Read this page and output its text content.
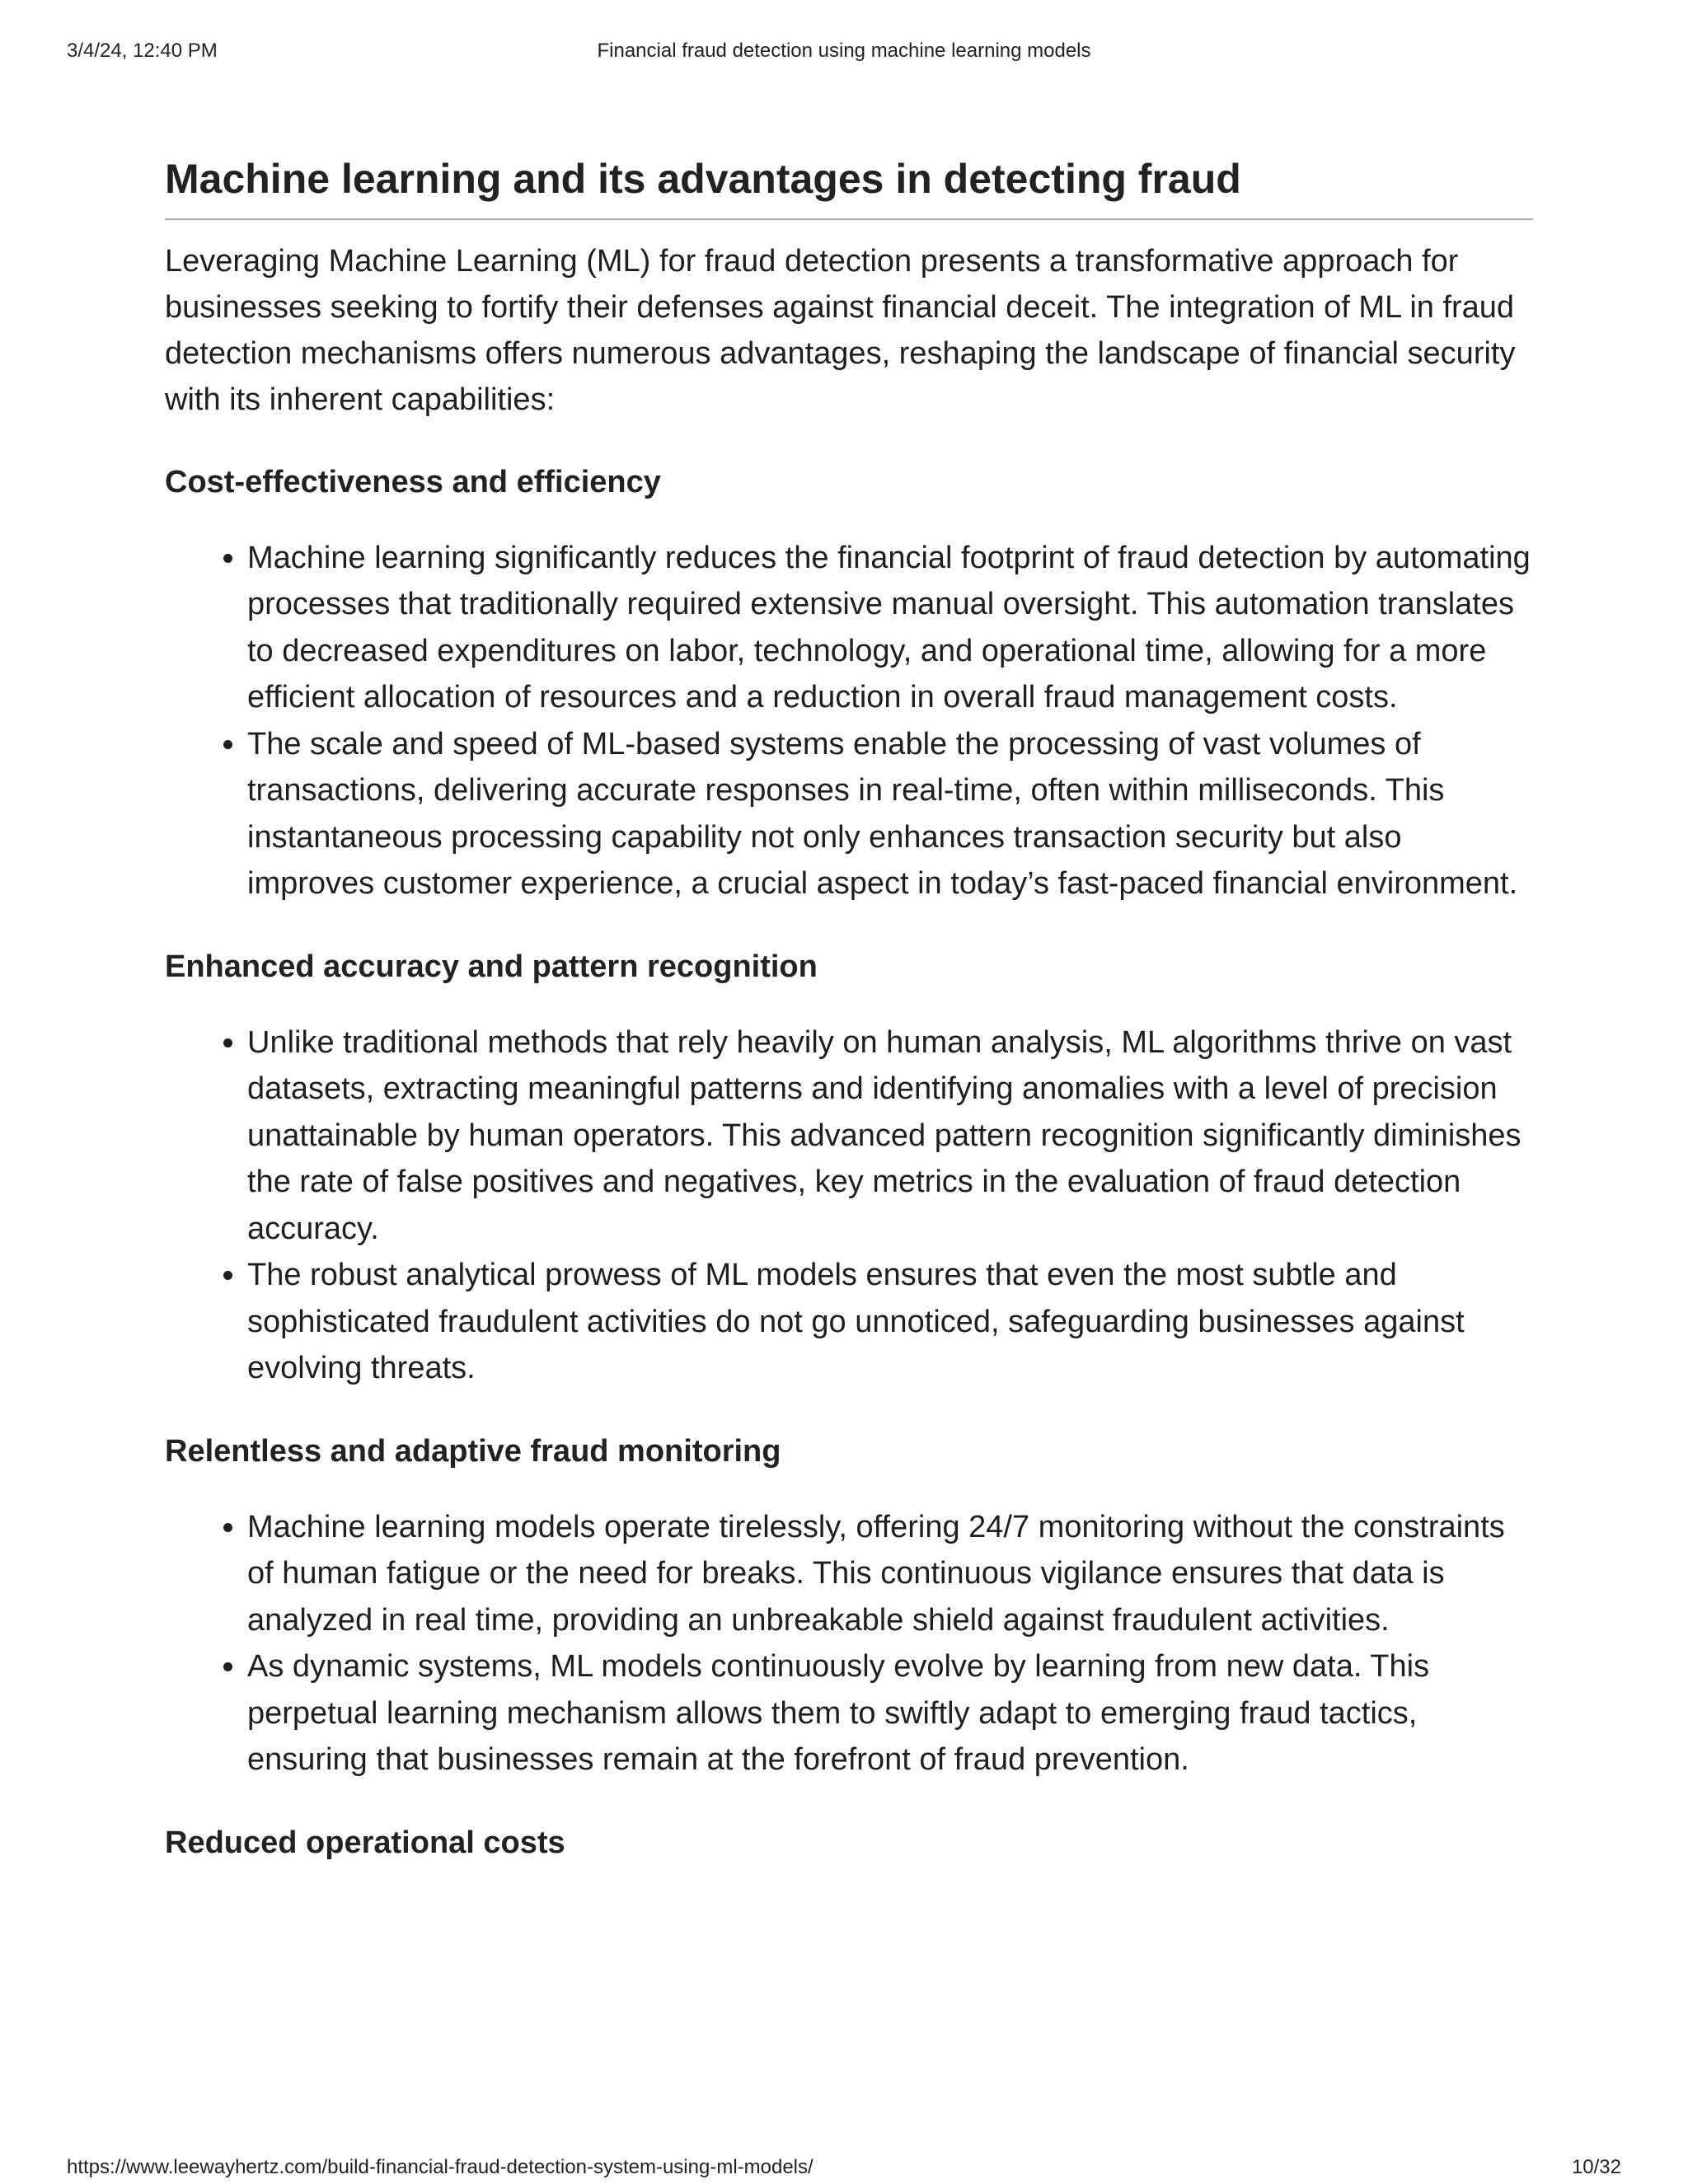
3/4/24, 12:40 PM	Financial fraud detection using machine learning models
Machine learning and its advantages in detecting fraud

Leveraging Machine Learning (ML) for fraud detection presents a transformative approach for businesses seeking to fortify their defenses against financial deceit. The integration of ML in fraud detection mechanisms offers numerous advantages, reshaping the landscape of financial security with its inherent capabilities:

Cost-effectiveness and efficiency
• Machine learning significantly reduces the financial footprint of fraud detection by automating processes that traditionally required extensive manual oversight. This automation translates to decreased expenditures on labor, technology, and operational time, allowing for a more efficient allocation of resources and a reduction in overall fraud management costs.
• The scale and speed of ML-based systems enable the processing of vast volumes of transactions, delivering accurate responses in real-time, often within milliseconds. This instantaneous processing capability not only enhances transaction security but also improves customer experience, a crucial aspect in today’s fast-paced financial environment.
Enhanced accuracy and pattern recognition
• Unlike traditional methods that rely heavily on human analysis, ML algorithms thrive on vast datasets, extracting meaningful patterns and identifying anomalies with a level of precision unattainable by human operators. This advanced pattern recognition significantly diminishes the rate of false positives and negatives, key metrics in the evaluation of fraud detection accuracy.
• The robust analytical prowess of ML models ensures that even the most subtle and sophisticated fraudulent activities do not go unnoticed, safeguarding businesses against evolving threats.
Relentless and adaptive fraud monitoring
• Machine learning models operate tirelessly, offering 24/7 monitoring without the constraints of human fatigue or the need for breaks. This continuous vigilance ensures that data is analyzed in real time, providing an unbreakable shield against fraudulent activities.
• As dynamic systems, ML models continuously evolve by learning from new data. This perpetual learning mechanism allows them to swiftly adapt to emerging fraud tactics, ensuring that businesses remain at the forefront of fraud prevention.
Reduced operational costs
https://www.leewayhertz.com/build-financial-fraud-detection-system-using-ml-models/	10/32
